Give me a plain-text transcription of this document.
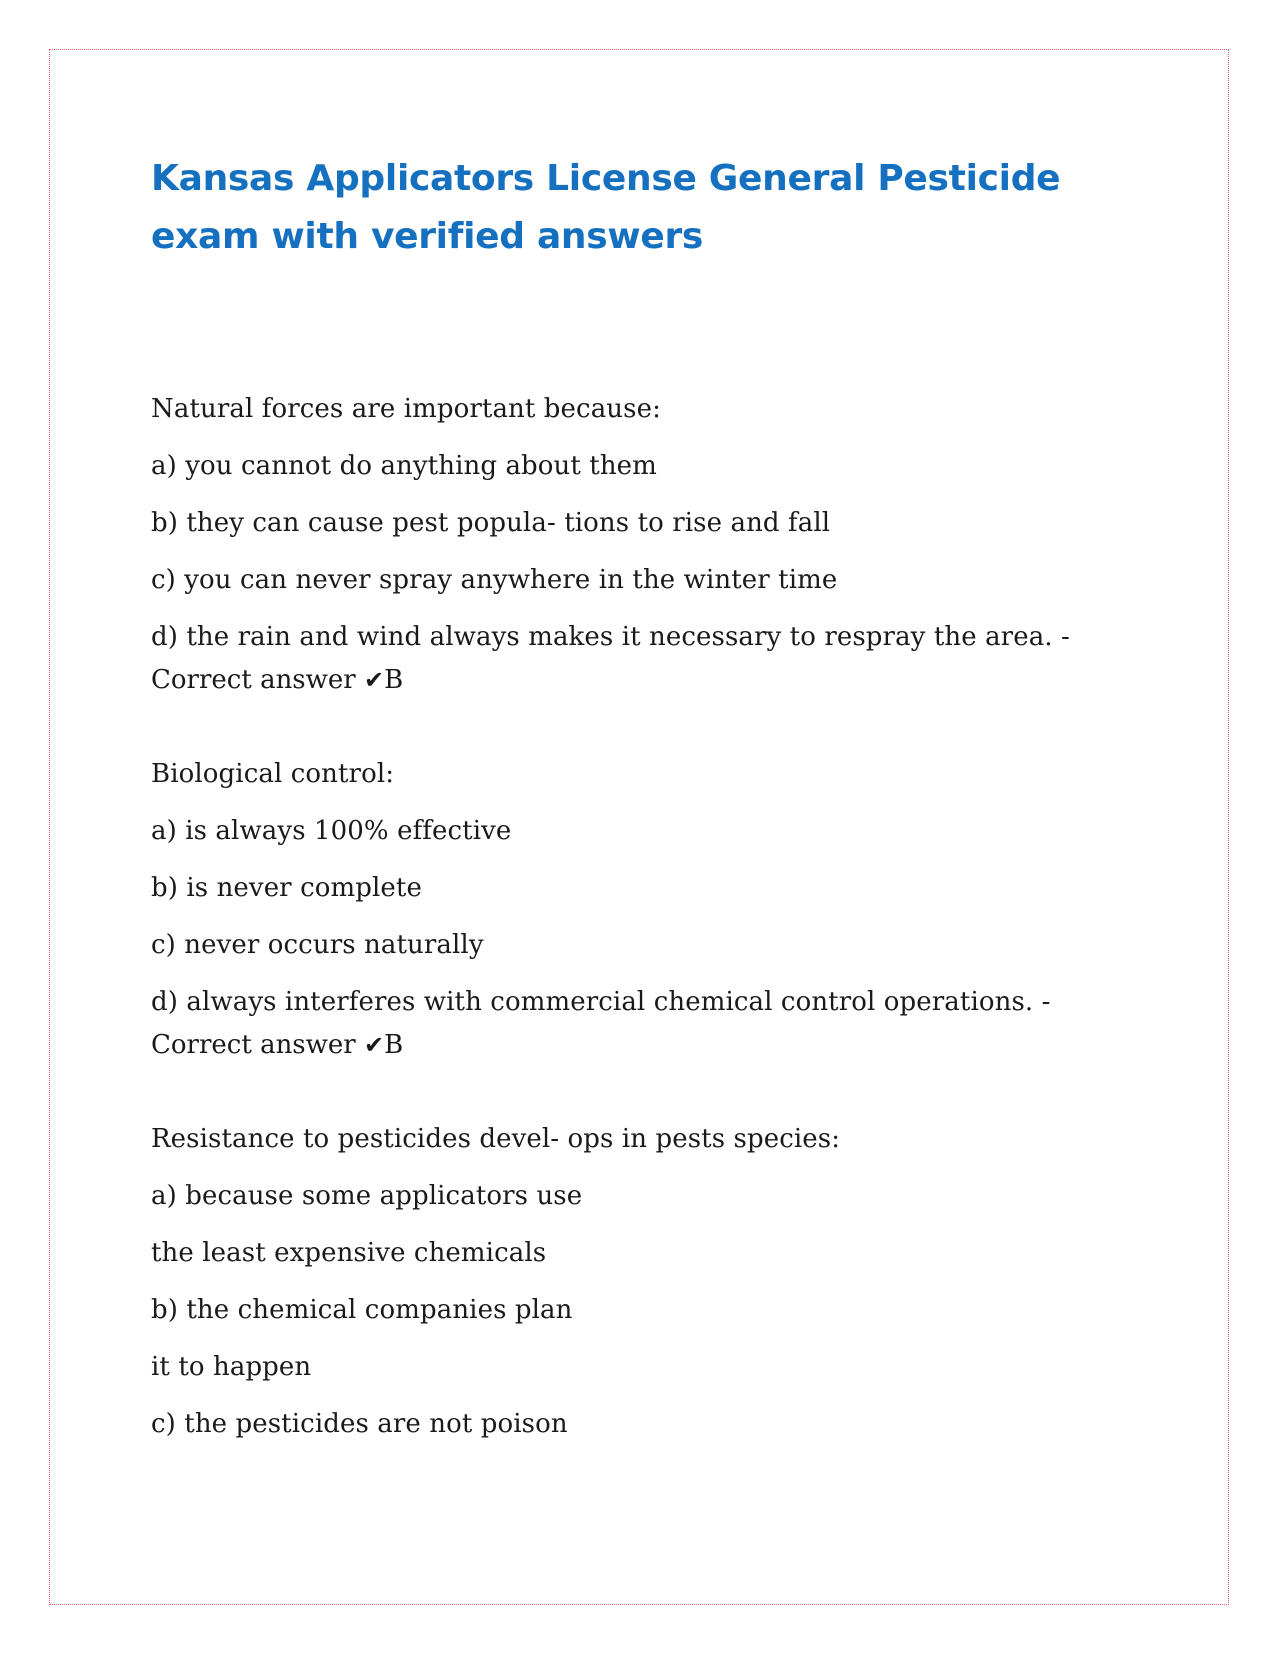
Kansas Applicators License General Pesticide exam with verified answers

Natural forces are important because:

a) you cannot do anything about them

b) they can cause pest popula- tions to rise and fall

c) you can never spray anywhere in the winter time

d) the rain and wind always makes it necessary to respray the area. -

Correct answer ✔B

Biological control:

a) is always 100% effective

b) is never complete

c) never occurs naturally

d) always interferes with commercial chemical control operations. -

Correct answer ✔B

Resistance to pesticides devel- ops in pests species:

a) because some applicators use

the least expensive chemicals

b) the chemical companies plan

it to happen

c) the pesticides are not poison
